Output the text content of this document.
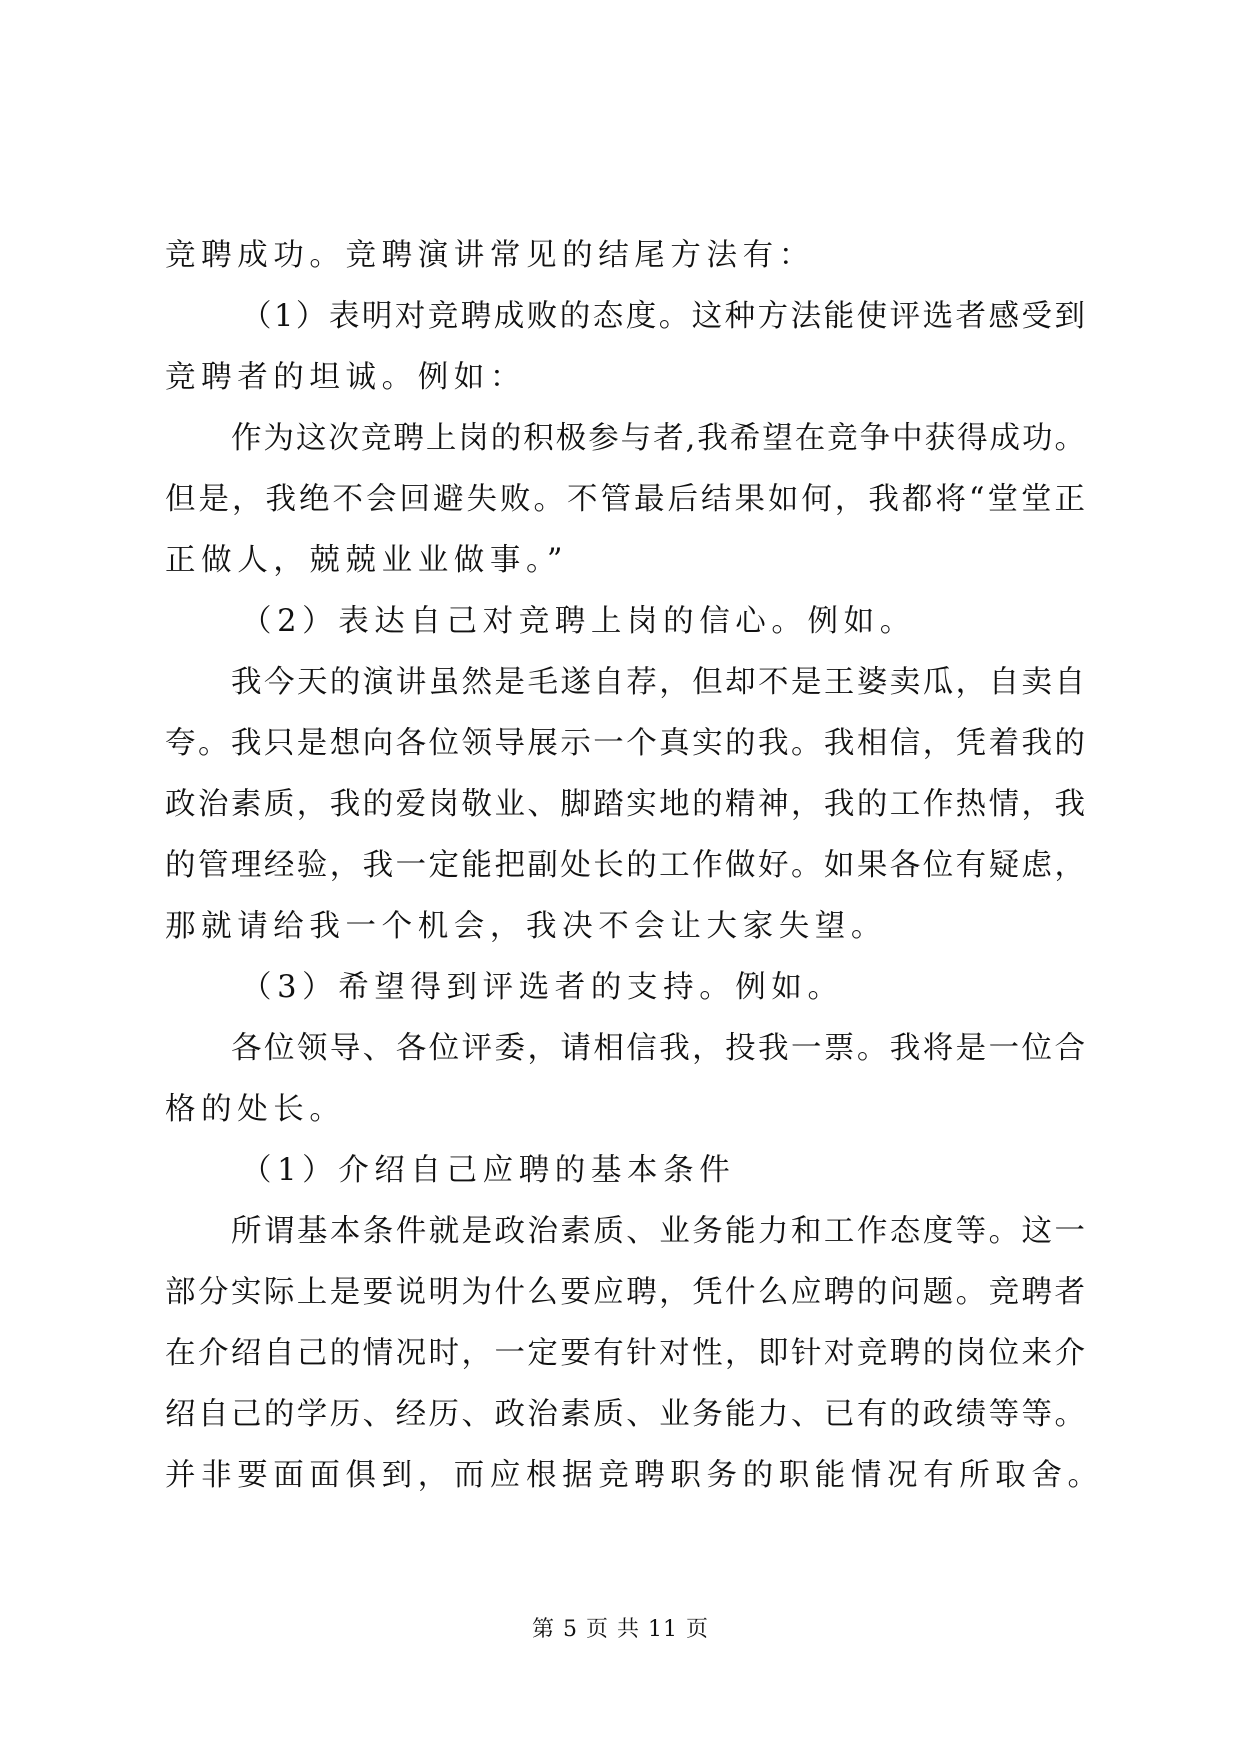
竞聘成功。竞聘演讲常见的结尾方法有：

（1）表明对竞聘成败的态度。这种方法能使评选者感受到

竞聘者的坦诚。例如：

作为这次竞聘上岗的积极参与者,我希望在竞争中获得成功。

但是，我绝不会回避失败。不管最后结果如何，我都将“堂堂正

正做人，兢兢业业做事。”

（2）表达自己对竞聘上岗的信心。例如。

我今天的演讲虽然是毛遂自荐，但却不是王婆卖瓜，自卖自

夸。我只是想向各位领导展示一个真实的我。我相信，凭着我的

政治素质，我的爱岗敬业、脚踏实地的精神，我的工作热情，我

的管理经验，我一定能把副处长的工作做好。如果各位有疑虑，

那就请给我一个机会，我决不会让大家失望。

（3）希望得到评选者的支持。例如。

各位领导、各位评委，请相信我，投我一票。我将是一位合

格的处长。

（1）介绍自己应聘的基本条件

所谓基本条件就是政治素质、业务能力和工作态度等。这一

部分实际上是要说明为什么要应聘，凭什么应聘的问题。竞聘者

在介绍自己的情况时，一定要有针对性，即针对竞聘的岗位来介

绍自己的学历、经历、政治素质、业务能力、已有的政绩等等。

并非要面面俱到，而应根据竞聘职务的职能情况有所取舍。

第 5 页 共 11 页
